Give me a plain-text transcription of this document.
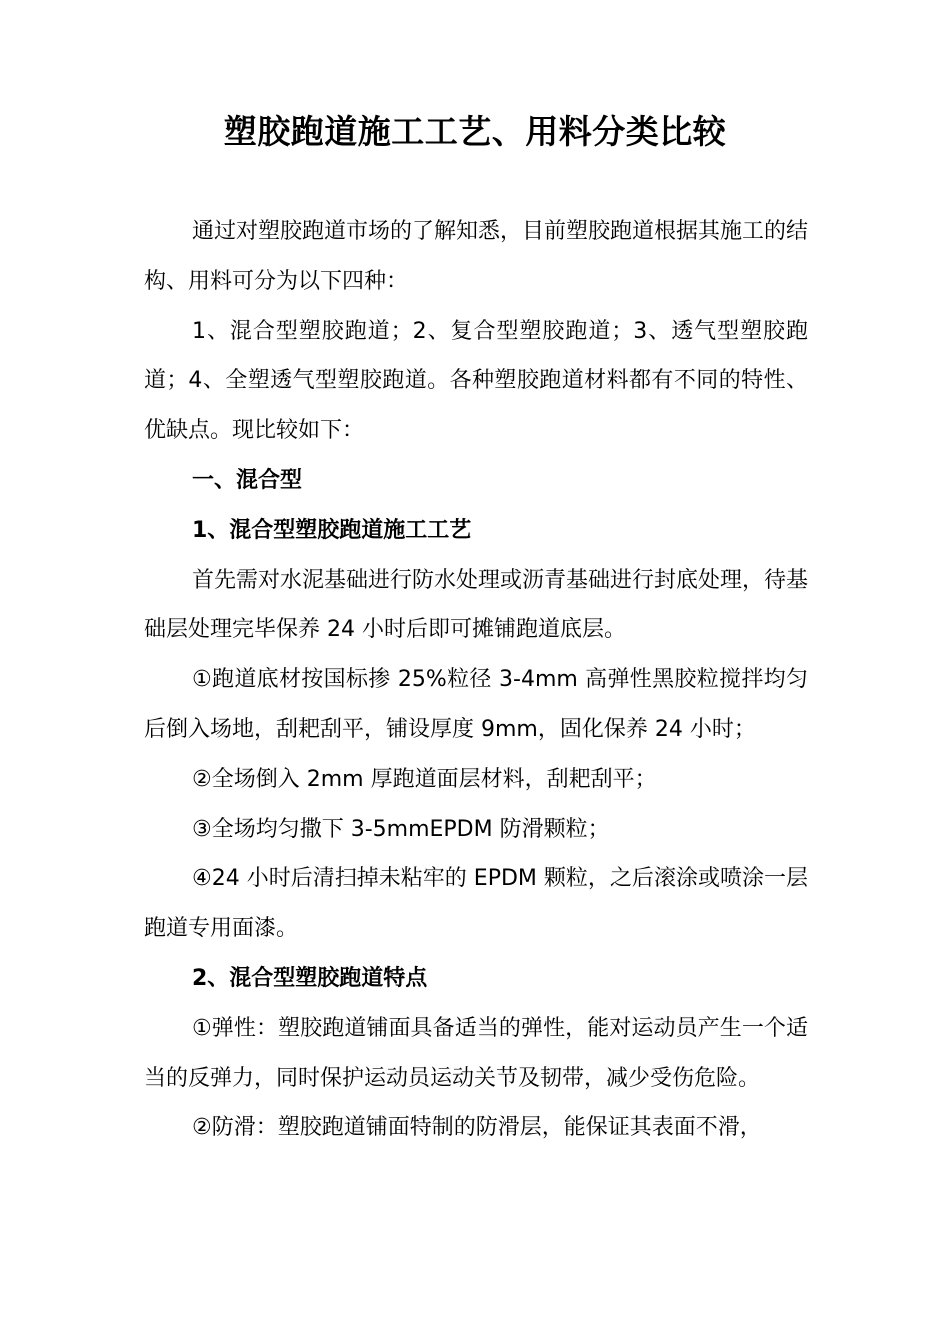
塑胶跑道施工工艺、用料分类比较

通过对塑胶跑道市场的了解知悉，目前塑胶跑道根据其施工的结构、用料可分为以下四种：

1、混合型塑胶跑道；2、复合型塑胶跑道；3、透气型塑胶跑道；4、全塑透气型塑胶跑道。各种塑胶跑道材料都有不同的特性、优缺点。现比较如下：

一、混合型

1、混合型塑胶跑道施工工艺

首先需对水泥基础进行防水处理或沥青基础进行封底处理，待基础层处理完毕保养 24 小时后即可摊铺跑道底层。

①跑道底材按国标掺 25%粒径 3-4mm 高弹性黑胶粒搅拌均匀后倒入场地，刮耙刮平，铺设厚度 9mm，固化保养 24 小时；

②全场倒入 2mm 厚跑道面层材料，刮耙刮平；

③全场均匀撒下 3-5mmEPDM 防滑颗粒；

④24 小时后清扫掉未粘牢的 EPDM 颗粒，之后滚涂或喷涂一层跑道专用面漆。

2、混合型塑胶跑道特点

①弹性：塑胶跑道铺面具备适当的弹性，能对运动员产生一个适当的反弹力，同时保护运动员运动关节及韧带，减少受伤危险。

②防滑：塑胶跑道铺面特制的防滑层，能保证其表面不滑，
